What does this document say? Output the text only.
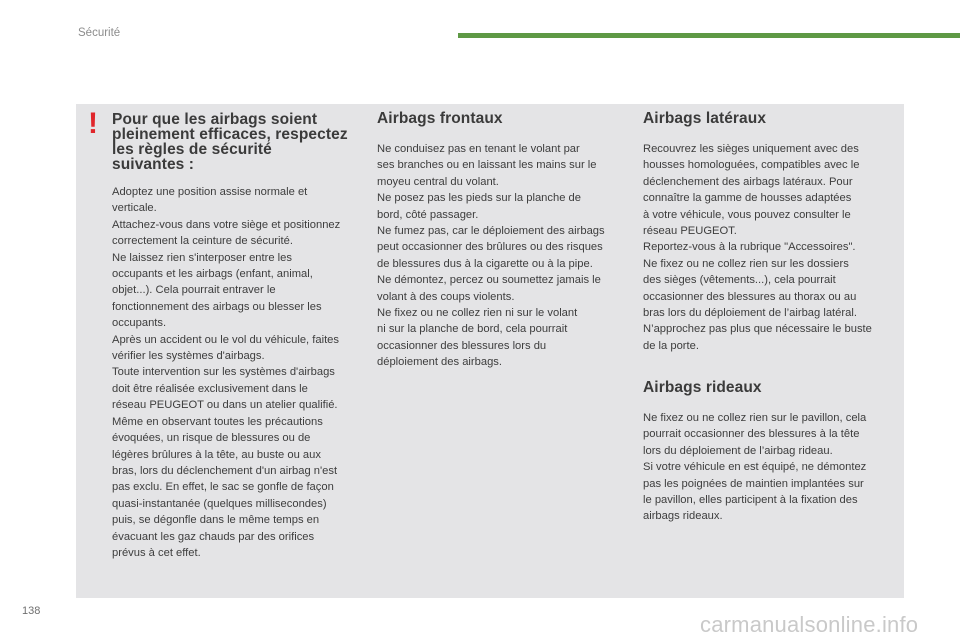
Sécurité
! Pour que les airbags soient
pleinement efficaces, respectez
les règles de sécurité
suivantes :

Adoptez une position assise normale et
verticale.
Attachez-vous dans votre siège et positionnez
correctement la ceinture de sécurité.
Ne laissez rien s'interposer entre les
occupants et les airbags (enfant, animal,
objet...). Cela pourrait entraver le
fonctionnement des airbags ou blesser les
occupants.
Après un accident ou le vol du véhicule, faites
vérifier les systèmes d'airbags.
Toute intervention sur les systèmes d'airbags
doit être réalisée exclusivement dans le
réseau PEUGEOT ou dans un atelier qualifié.
Même en observant toutes les précautions
évoquées, un risque de blessures ou de
légères brûlures à la tête, au buste ou aux
bras, lors du déclenchement d'un airbag n'est
pas exclu. En effet, le sac se gonfle de façon
quasi-instantanée (quelques millisecondes)
puis, se dégonfle dans le même temps en
évacuant les gaz chauds par des orifices
prévus à cet effet.

Airbags frontaux

Ne conduisez pas en tenant le volant par
ses branches ou en laissant les mains sur le
moyeu central du volant.
Ne posez pas les pieds sur la planche de
bord, côté passager.
Ne fumez pas, car le déploiement des airbags
peut occasionner des brûlures ou des risques
de blessures dus à la cigarette ou à la pipe.
Ne démontez, percez ou soumettez jamais le
volant à des coups violents.
Ne fixez ou ne collez rien ni sur le volant
ni sur la planche de bord, cela pourrait
occasionner des blessures lors du
déploiement des airbags.

Airbags latéraux

Recouvrez les sièges uniquement avec des
housses homologuées, compatibles avec le
déclenchement des airbags latéraux. Pour
connaître la gamme de housses adaptées
à votre véhicule, vous pouvez consulter le
réseau PEUGEOT.
Reportez-vous à la rubrique "Accessoires".
Ne fixez ou ne collez rien sur les dossiers
des sièges (vêtements...), cela pourrait
occasionner des blessures au thorax ou au
bras lors du déploiement de l’airbag latéral.
N’approchez pas plus que nécessaire le buste
de la porte.

Airbags rideaux

Ne fixez ou ne collez rien sur le pavillon, cela
pourrait occasionner des blessures à la tête
lors du déploiement de l’airbag rideau.
Si votre véhicule en est équipé, ne démontez
pas les poignées de maintien implantées sur
le pavillon, elles participent à la fixation des
airbags rideaux.

138
carmanualsonline.info
